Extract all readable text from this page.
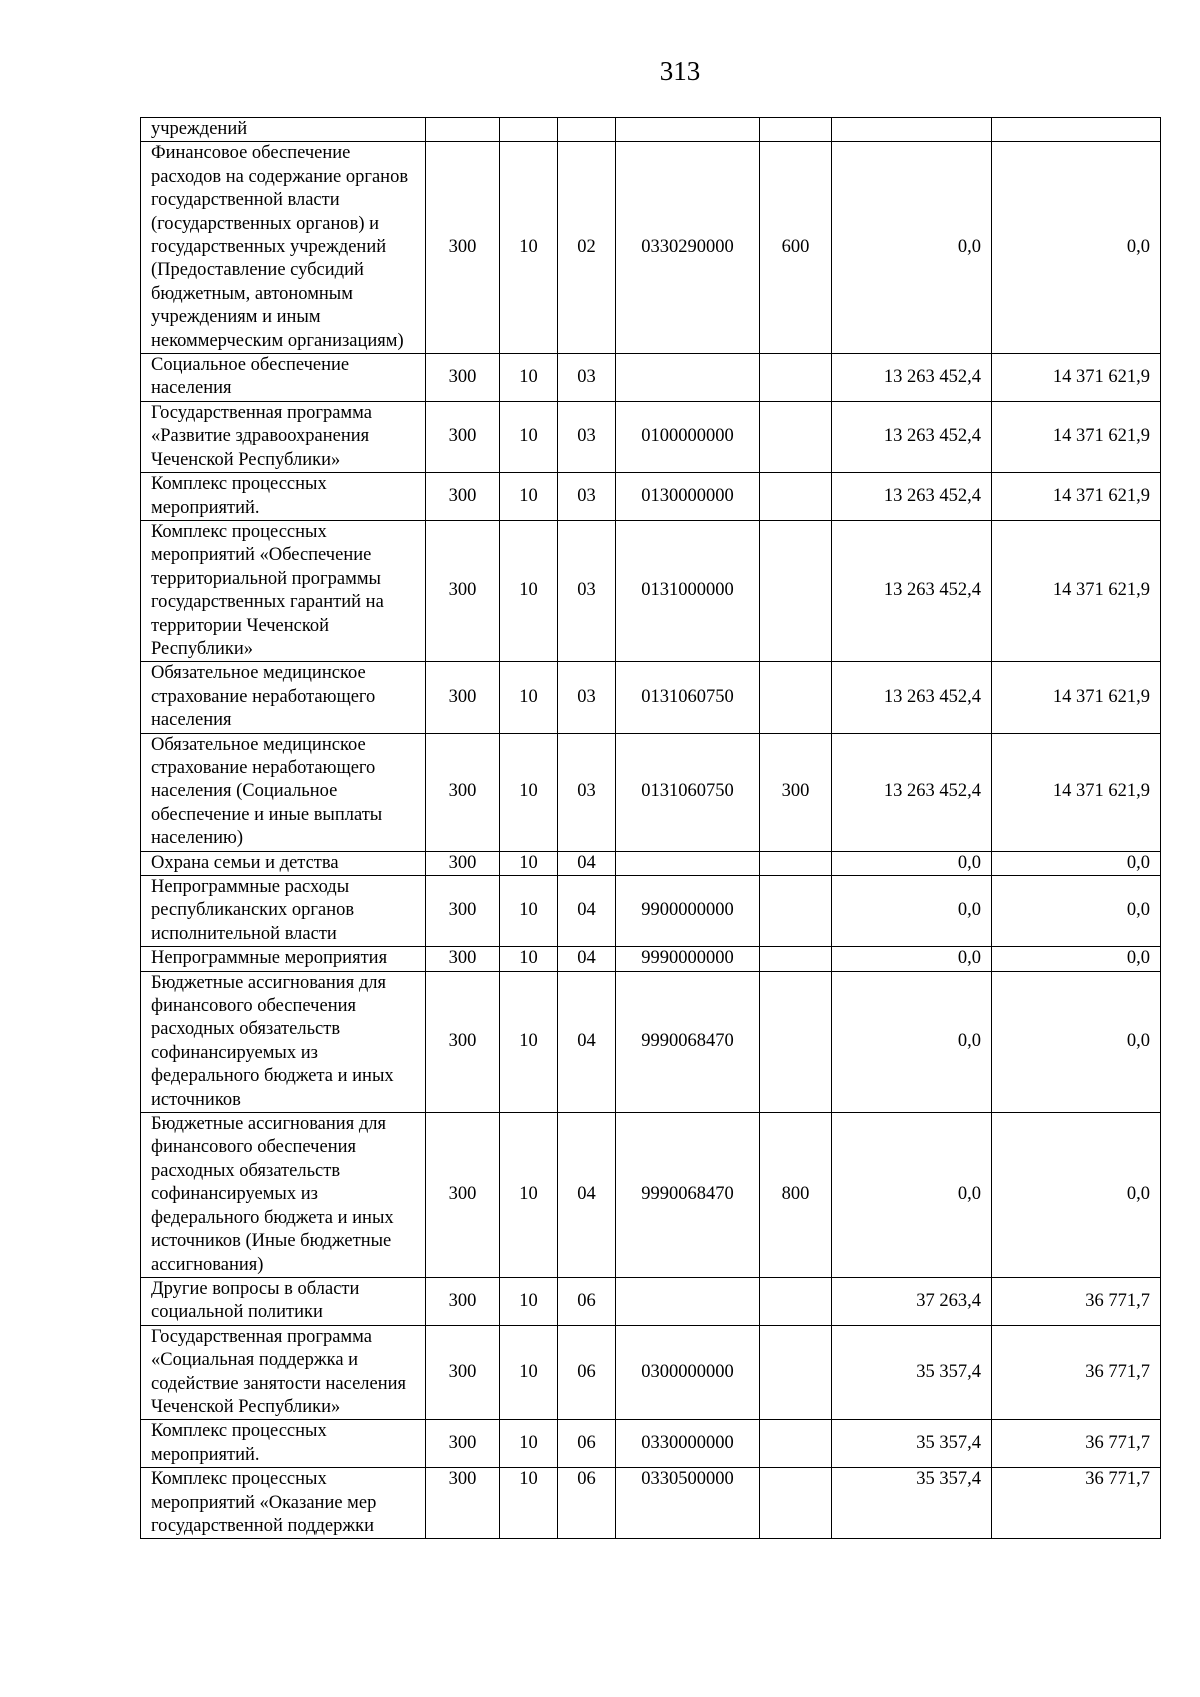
313
учреждений							
Финансовое обеспечение расходов на содержание органов государственной власти (государственных органов) и государственных учреждений (Предоставление субсидий бюджетным, автономным учреждениям и иным некоммерческим организациям)	300	10	02	0330290000	600	0,0	0,0
Социальное обеспечение населения	300	10	03			13 263 452,4	14 371 621,9
Государственная программа «Развитие здравоохранения Чеченской Республики»	300	10	03	0100000000		13 263 452,4	14 371 621,9
Комплекс процессных мероприятий.	300	10	03	0130000000		13 263 452,4	14 371 621,9
Комплекс процессных мероприятий «Обеспечение территориальной программы государственных гарантий на территории Чеченской Республики»	300	10	03	0131000000		13 263 452,4	14 371 621,9
Обязательное медицинское страхование неработающего населения	300	10	03	0131060750		13 263 452,4	14 371 621,9
Обязательное медицинское страхование неработающего населения (Социальное обеспечение и иные выплаты населению)	300	10	03	0131060750	300	13 263 452,4	14 371 621,9
Охрана семьи и детства	300	10	04			0,0	0,0
Непрограммные расходы республиканских органов исполнительной власти	300	10	04	9900000000		0,0	0,0
Непрограммные мероприятия	300	10	04	9990000000		0,0	0,0
Бюджетные ассигнования для финансового обеспечения расходных обязательств софинансируемых из федерального бюджета и иных источников	300	10	04	9990068470		0,0	0,0
Бюджетные ассигнования для финансового обеспечения расходных обязательств софинансируемых из федерального бюджета и иных источников (Иные бюджетные ассигнования)	300	10	04	9990068470	800	0,0	0,0
Другие вопросы в области социальной политики	300	10	06			37 263,4	36 771,7
Государственная программа «Социальная поддержка и содействие занятости населения Чеченской Республики»	300	10	06	0300000000		35 357,4	36 771,7
Комплекс процессных мероприятий.	300	10	06	0330000000		35 357,4	36 771,7
Комплекс процессных мероприятий «Оказание мер государственной поддержки	300	10	06	0330500000		35 357,4	36 771,7
